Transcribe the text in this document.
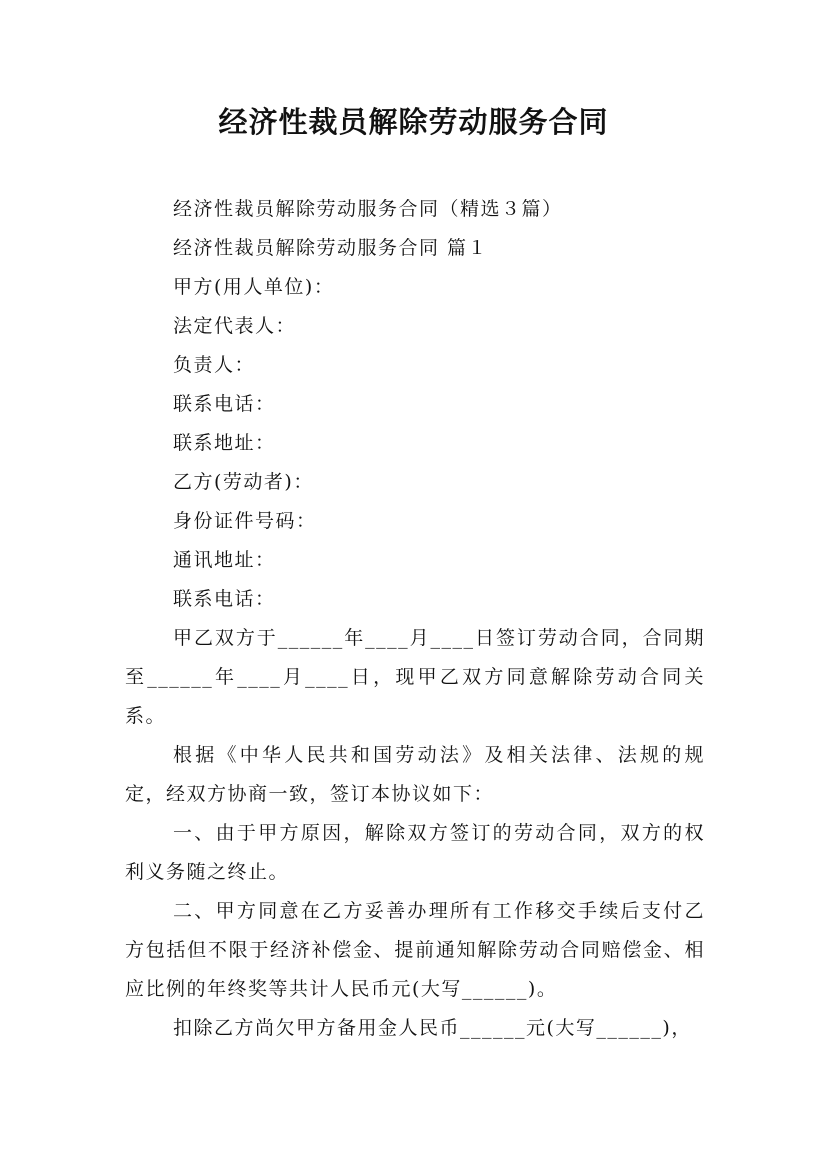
经济性裁员解除劳动服务合同
经济性裁员解除劳动服务合同（精选３篇）
经济性裁员解除劳动服务合同 篇１
甲方(用人单位)：
法定代表人：
负责人：
联系电话：
联系地址：
乙方(劳动者)：
身份证件号码：
通讯地址：
联系电话：

甲乙双方于______年____月____日签订劳动合同，合同期至______年____月____日，现甲乙双方同意解除劳动合同关系。

根据《中华人民共和国劳动法》及相关法律、法规的规定，经双方协商一致，签订本协议如下：

一、由于甲方原因，解除双方签订的劳动合同，双方的权利义务随之终止。

二、甲方同意在乙方妥善办理所有工作移交手续后支付乙方包括但不限于经济补偿金、提前通知解除劳动合同赔偿金、相应比例的年终奖等共计人民币元(大写______)。

扣除乙方尚欠甲方备用金人民币______元(大写______)，
